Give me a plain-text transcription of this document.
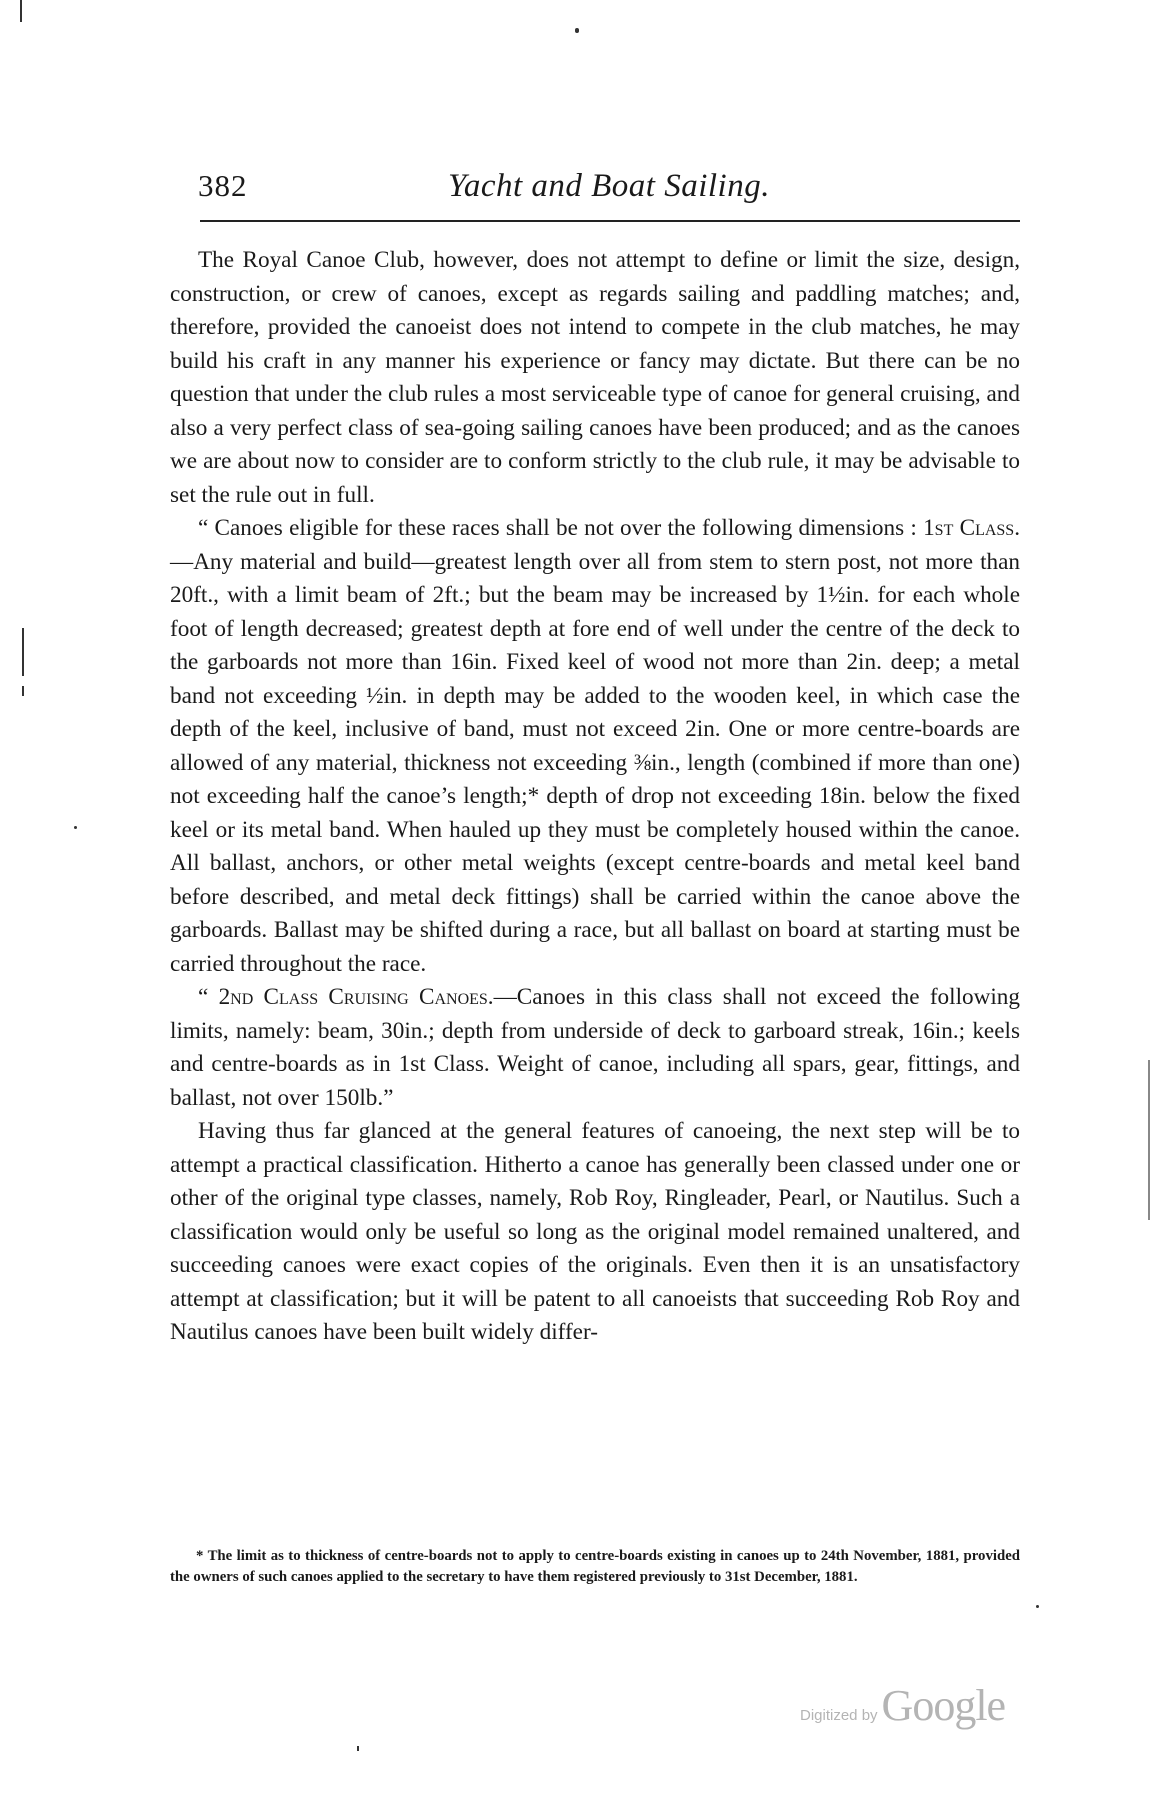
382	Yacht and Boat Sailing.

The Royal Canoe Club, however, does not attempt to define or limit the size, design, construction, or crew of canoes, except as regards sailing and paddling matches; and, therefore, provided the canoeist does not intend to compete in the club matches, he may build his craft in any manner his experience or fancy may dictate. But there can be no question that under the club rules a most serviceable type of canoe for general cruising, and also a very perfect class of sea-going sailing canoes have been produced; and as the canoes we are about now to consider are to conform strictly to the club rule, it may be advisable to set the rule out in full.

“ Canoes eligible for these races shall be not over the following dimensions : 1st Class.—Any material and build—greatest length over all from stem to stern post, not more than 20ft., with a limit beam of 2ft.; but the beam may be increased by 1½in. for each whole foot of length decreased; greatest depth at fore end of well under the centre of the deck to the garboards not more than 16in. Fixed keel of wood not more than 2in. deep; a metal band not exceeding ½in. in depth may be added to the wooden keel, in which case the depth of the keel, inclusive of band, must not exceed 2in. One or more centre-boards are allowed of any material, thickness not exceeding ⅜in., length (combined if more than one) not exceeding half the canoe’s length;* depth of drop not exceeding 18in. below the fixed keel or its metal band. When hauled up they must be completely housed within the canoe. All ballast, anchors, or other metal weights (except centre-boards and metal keel band before described, and metal deck fittings) shall be carried within the canoe above the garboards. Ballast may be shifted during a race, but all ballast on board at starting must be carried throughout the race.

“ 2nd Class Cruising Canoes.—Canoes in this class shall not exceed the following limits, namely: beam, 30in.; depth from underside of deck to garboard streak, 16in.; keels and centre-boards as in 1st Class. Weight of canoe, including all spars, gear, fittings, and ballast, not over 150lb.”

Having thus far glanced at the general features of canoeing, the next step will be to attempt a practical classification. Hitherto a canoe has generally been classed under one or other of the original type classes, namely, Rob Roy, Ringleader, Pearl, or Nautilus. Such a classification would only be useful so long as the original model remained unaltered, and succeeding canoes were exact copies of the originals. Even then it is an unsatisfactory attempt at classification; but it will be patent to all canoeists that succeeding Rob Roy and Nautilus canoes have been built widely differ-

* The limit as to thickness of centre-boards not to apply to centre-boards existing in canoes up to 24th November, 1881, provided the owners of such canoes applied to the secretary to have them registered previously to 31st December, 1881.

Digitized byGoogle
